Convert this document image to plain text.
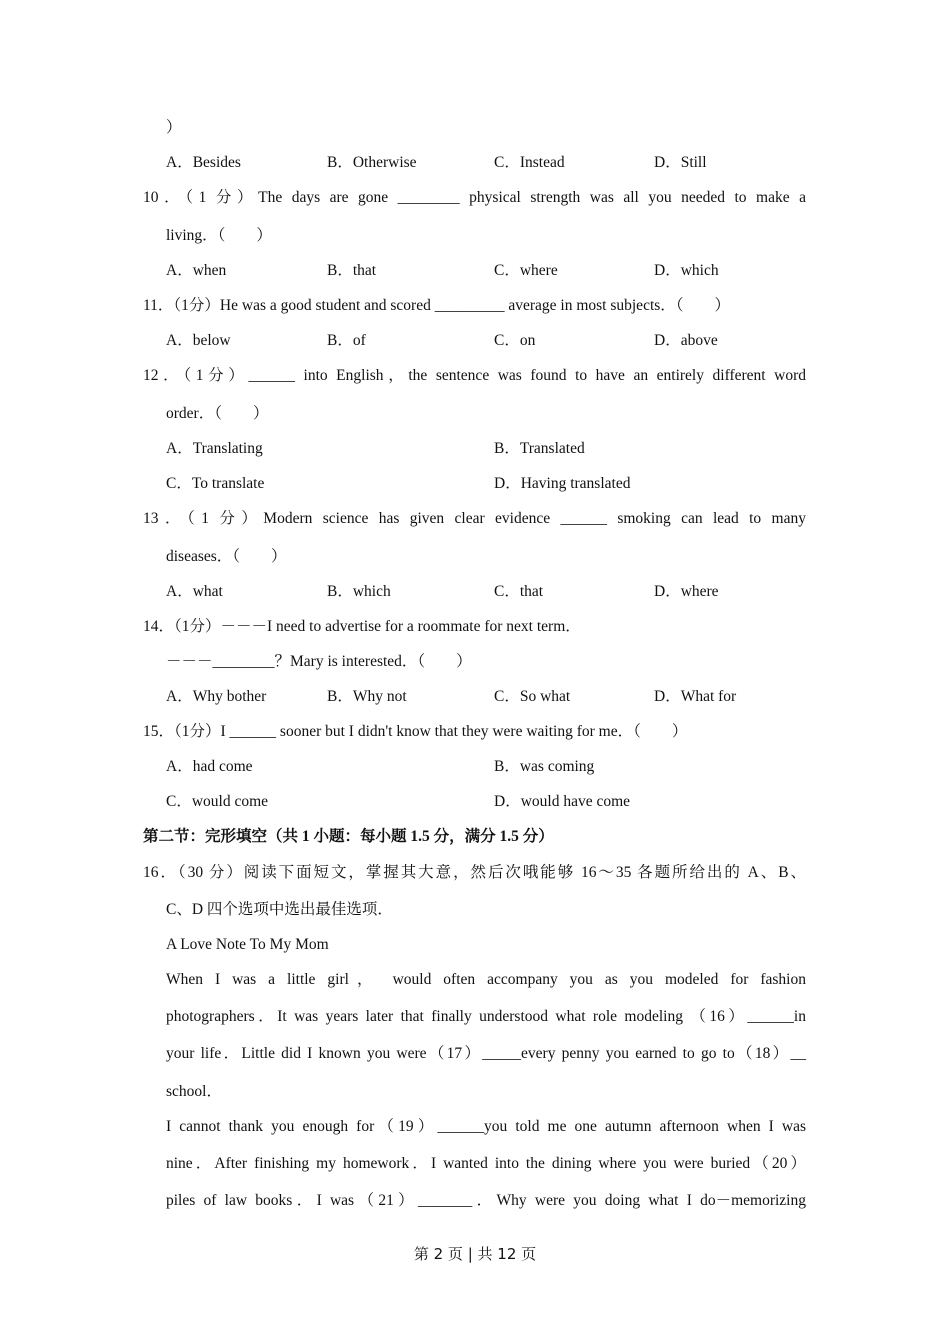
）
A．Besides	B．Otherwise	C．Instead	D．Still
10．（1 分）The days are gone ________ physical strength was all you needed to make a
living．（　　）
A．when	B．that	C．where	D．which
11．（1分）He was a good student and scored _________ average in most subjects．（　　）
A．below	B．of	C．on	D．above
12．（1分）______ into English，the sentence was found to have an entirely different word
order．（　　）
A．Translating	B．Translated
C．To translate	D．Having translated
13．（1 分）Modern science has given clear evidence ______ smoking can lead to many
diseases．（　　）
A．what	B．which	C．that	D．where
14．（1分）－－－I need to advertise for a roommate for next term．
－－－________？Mary is interested．（　　）
A．Why bother	B．Why not	C．So what	D．What for
15．（1分）I ______ sooner but I didn't know that they were waiting for me．（　　）
A．had come	B．was coming
C．would come	D．would have come
第二节：完形填空（共 1 小题：每小题 1.5 分，满分 1.5 分）
16．（30 分）阅读下面短文，掌握其大意，然后次哦能够 16～35 各题所给出的 A、B、
C、D 四个选项中选出最佳选项．
A Love Note To My Mom
When I was a little girl， would often accompany you as you modeled for fashion
photographers．It was years later that finally understood what role modeling （16）______in
your life．Little did I known you were（17）_____every penny you earned to go to（18）__
school．
I cannot thank you enough for（19）______you told me one autumn afternoon when I was
nine．After finishing my homework．I wanted into the dining where you were buried（20）
piles of law books．I was（21）_______．Why were you doing what I do－memorizing
第 2 页 | 共 12 页
